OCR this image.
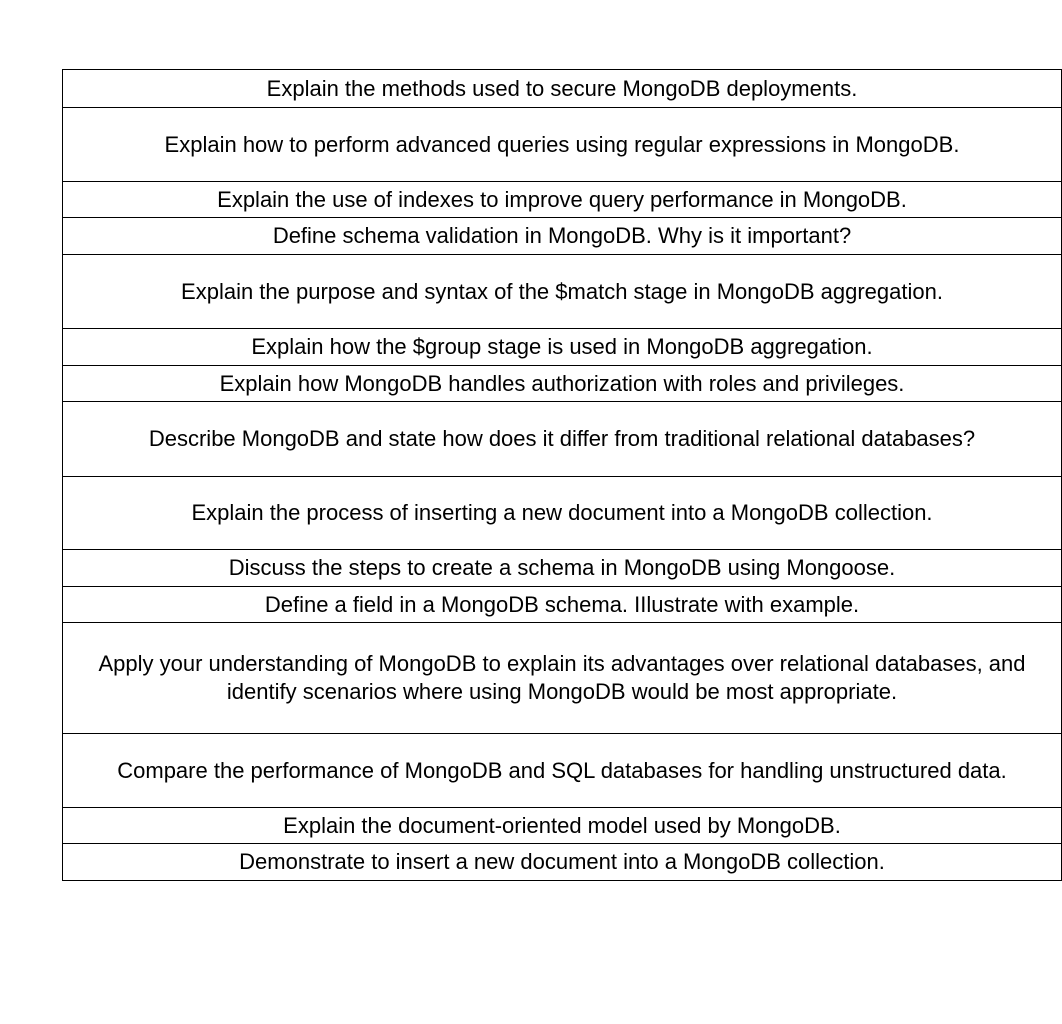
Explain the methods used to secure MongoDB deployments.
Explain how to perform advanced queries using regular expressions in MongoDB.
Explain the use of indexes to improve query performance in MongoDB.
Define schema validation in MongoDB. Why is it important?
Explain the purpose and syntax of the $match stage in MongoDB aggregation.
Explain how the $group stage is used in MongoDB aggregation.
Explain how MongoDB handles authorization with roles and privileges.
Describe MongoDB and state how does it differ from traditional relational databases?
Explain the process of inserting a new document into a MongoDB collection.
Discuss the steps to create a schema in MongoDB using Mongoose.
Define a field in a MongoDB schema. IIlustrate with example.
Apply your understanding of MongoDB to explain its advantages over relational databases, and identify scenarios where using MongoDB would be most appropriate.
Compare the performance of MongoDB and SQL databases for handling unstructured data.
Explain the document-oriented model used by MongoDB.
Demonstrate to insert a new document into a MongoDB collection.
